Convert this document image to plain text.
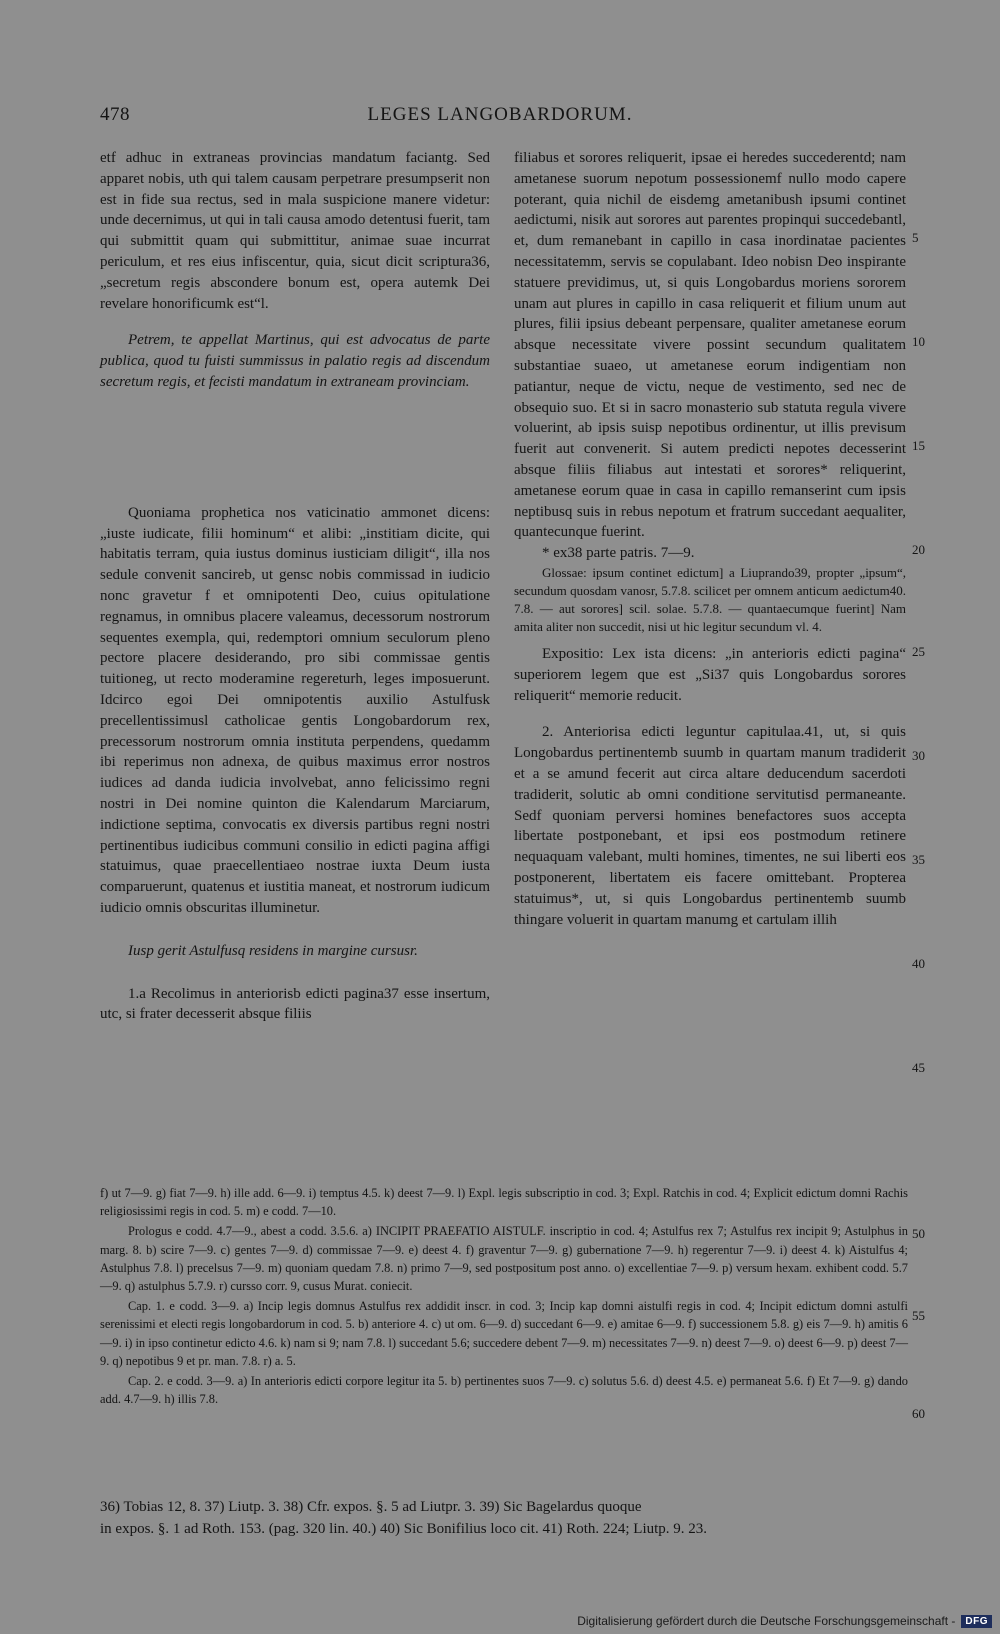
478	LEGES LANGOBARDORUM.

etf adhuc in extraneas provincias mandatum faciantg. Sed apparet nobis, uth qui talem causam perpetrare presumpserit non est in fide sua rectus, sed in mala suspicione manere videtur: unde decernimus, ut qui in tali causa amodo detentusi fuerit, tam qui submittit quam qui submittitur, animae suae incurrat periculum, et res eius infiscentur, quia, sicut dicit scriptura36, „secretum regis abscondere bonum est, opera autemk Dei revelare honorificumk est“l.

Petrem, te appellat Martinus, qui est advocatus de parte publica, quod tu fuisti summissus in palatio regis ad discendum secretum regis, et fecisti mandatum in extraneam provinciam.

Quoniama prophetica nos vaticinatio ammonet dicens: „iuste iudicate, filii hominum“ et alibi: „institiam dicite, qui habitatis terram, quia iustus dominus iusticiam diligit“, illa nos sedule convenit sancireb, ut gensc nobis commissad in iudicio nonc gravetur f et omnipotenti Deo, cuius opitulatione regnamus, in omnibus placere valeamus, decessorum nostrorum sequentes exempla, qui, redemptori omnium seculorum pleno pectore placere desiderando, pro sibi commissae gentis tuitioneg, ut recto moderamine regereturh, leges imposuerunt. Idcirco egoi Dei omnipotentis auxilio Astulfusk precellentissimusl catholicae gentis Longobardorum rex, precessorum nostrorum omnia instituta perpendens, quedamm ibi reperimus non adnexa, de quibus maximus error nostros iudices ad danda iudicia involvebat, anno felicissimo regni nostri in Dei nomine quinton die Kalendarum Marciarum, indictione septima, convocatis ex diversis partibus regni nostri pertinentibus iudicibus communi consilio in edicti pagina affigi statuimus, quae praecellentiaeo nostrae iuxta Deum iusta comparuerunt, quatenus et iustitia maneat, et nostrorum iudicum iudicio omnis obscuritas illuminetur.

Iusp gerit Astulfusq residens in margine cursusr.

1.a Recolimus in anteriorisb edicti pagina37 esse insertum, utc, si frater decesserit absque filiis

filiabus et sorores reliquerit, ipsae ei heredes succederentd; nam ametanese suorum nepotum possessionemf nullo modo capere poterant, quia nichil de eisdemg ametanibush ipsumi continet aedictumi, nisik aut sorores aut parentes propinqui succedebantl, et, dum remanebant in capillo in casa inordinatae pacientes necessitatemm, servis se copulabant. Ideo nobisn Deo inspirante statuere previdimus, ut, si quis Longobardus moriens sororem unam aut plures in capillo in casa reliquerit et filium unum aut plures, filii ipsius debeant perpensare, qualiter ametanese eorum absque necessitate vivere possint secundum qualitatem substantiae suaeo, ut ametanese eorum indigentiam non patiantur, neque de victu, neque de vestimento, sed nec de obsequio suo. Et si in sacro monasterio sub statuta regula vivere voluerint, ab ipsis suisp nepotibus ordinentur, ut illis previsum fuerit aut convenerit. Si autem predicti nepotes decesserint absque filiis filiabus aut intestati et sorores* reliquerint, ametanese eorum quae in casa in capillo remanserint cum ipsis neptibusq suis in rebus nepotum et fratrum succedant aequaliter, quantecunque fuerint.

* ex38 parte patris. 7—9.

Glossae: ipsum continet edictum] a Liuprando39, propter „ipsum“, secundum quosdam vanosr, 5.7.8. scilicet per omnem anticum aedictum40. 7.8. — aut sorores] scil. solae. 5.7.8. — quantaecumque fuerint] Nam amita aliter non succedit, nisi ut hic legitur secundum vl. 4.

Expositio: Lex ista dicens: „in anterioris edicti pagina“ superiorem legem que est „Si37 quis Longobardus sorores reliquerit“ memorie reducit.

2. Anteriorisa edicti leguntur capitulaa.41, ut, si quis Longobardus pertinentemb suumb in quartam manum tradiderit et a se amund fecerit aut circa altare deducendum sacerdoti tradiderit, solutic ab omni conditione servitutisd permaneante. Sedf quoniam perversi homines benefactores suos accepta libertate postponebant, et ipsi eos postmodum retinere nequaquam valebant, multi homines, timentes, ne sui liberti eos postponerent, libertatem eis facere omittebant. Propterea statuimus*, ut, si quis Longobardus pertinentemb suumb thingare voluerit in quartam manumg et cartulam illih

5
10
15
20
25
30
35
40
45
50
55
60

f) ut 7—9. g) fiat 7—9. h) ille add. 6—9. i) temptus 4.5. k) deest 7—9. l) Expl. legis subscriptio in cod. 3; Expl. Ratchis in cod. 4; Explicit edictum domni Rachis religiosissimi regis in cod. 5. m) e codd. 7—10.

Prologus e codd. 4.7—9., abest a codd. 3.5.6. a) INCIPIT PRAEFATIO AISTULF. inscriptio in cod. 4; Astulfus rex 7; Astulfus rex incipit 9; Astulphus in marg. 8. b) scire 7—9. c) gentes 7—9. d) commissae 7—9. e) deest 4. f) graventur 7—9. g) gubernatione 7—9. h) regerentur 7—9. i) deest 4. k) Aistulfus 4; Astulphus 7.8. l) precelsus 7—9. m) quoniam quedam 7.8. n) primo 7—9, sed postpositum post anno. o) excellentiae 7—9. p) versum hexam. exhibent codd. 5.7—9. q) astulphus 5.7.9. r) cursso corr. 9, cusus Murat. coniecit.

Cap. 1. e codd. 3—9. a) Incip legis domnus Astulfus rex addidit inscr. in cod. 3; Incip kap domni aistulfi regis in cod. 4; Incipit edictum domni astulfi serenissimi et electi regis longobardorum in cod. 5. b) anteriore 4. c) ut om. 6—9. d) succedant 6—9. e) amitae 6—9. f) successionem 5.8. g) eis 7—9. h) amitis 6—9. i) in ipso continetur edicto 4.6. k) nam si 9; nam 7.8. l) succedant 5.6; succedere debent 7—9. m) necessitates 7—9. n) deest 7—9. o) deest 6—9. p) deest 7—9. q) nepotibus 9 et pr. man. 7.8. r) a. 5.

Cap. 2. e codd. 3—9. a) In anterioris edicti corpore legitur ita 5. b) pertinentes suos 7—9. c) solutus 5.6. d) deest 4.5. e) permaneat 5.6. f) Et 7—9. g) dando add. 4.7—9. h) illis 7.8.

36) Tobias 12, 8. 37) Liutp. 3. 38) Cfr. expos. §. 5 ad Liutpr. 3. 39) Sic Bagelardus quoque

in expos. §. 1 ad Roth. 153. (pag. 320 lin. 40.) 40) Sic Bonifilius loco cit. 41) Roth. 224; Liutp. 9. 23.

Digitalisierung gefördert durch die Deutsche Forschungsgemeinschaft -	DFG
